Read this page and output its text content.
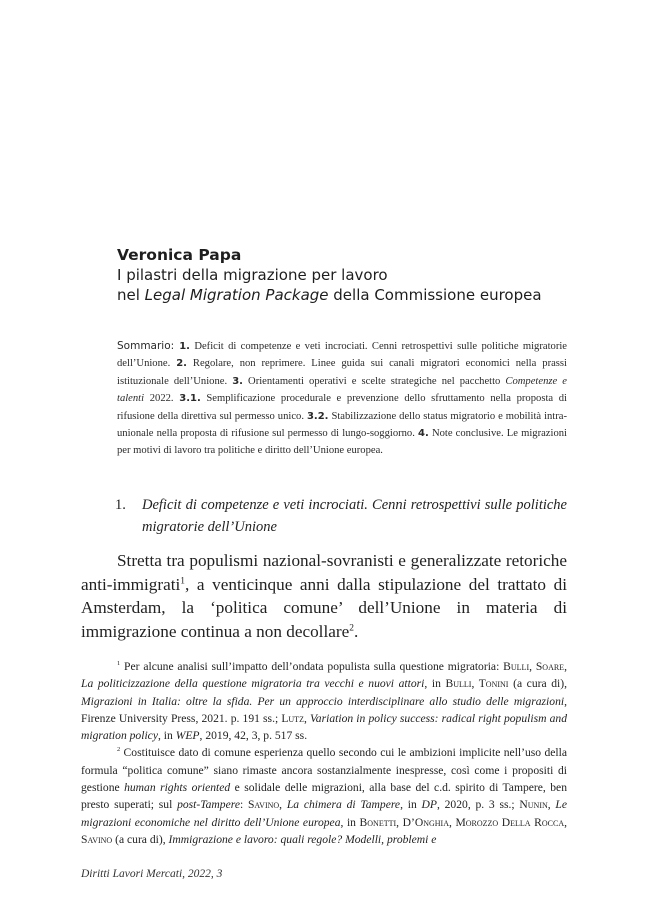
Veronica Papa
I pilastri della migrazione per lavoro
nel Legal Migration Package della Commissione europea
Sommario: 1. Deficit di competenze e veti incrociati. Cenni retrospettivi sulle politiche migratorie dell’Unione. 2. Regolare, non reprimere. Linee guida sui canali migratori economici nella prassi istituzionale dell’Unione. 3. Orientamenti operativi e scelte strategiche nel pacchetto Competenze e talenti 2022. 3.1. Semplificazione procedurale e prevenzione dello sfruttamento nella proposta di rifusione della direttiva sul permesso unico. 3.2. Stabilizzazione dello status migratorio e mobilità intra-unionale nella proposta di rifusione sul permesso di lungo-soggiorno. 4. Note conclusive. Le migrazioni per motivi di lavoro tra politiche e diritto dell’Unione europea.
1. Deficit di competenze e veti incrociati. Cenni retrospettivi sulle politiche migratorie dell’Unione

Stretta tra populismi nazional-sovranisti e generalizzate retoriche anti-immigrati$^1$, a venticinque anni dalla stipulazione del trattato di Amsterdam, la ‘politica comune’ dell’Unione in materia di immigrazione continua a non decollare$^2$.

$^1$ Per alcune analisi sull’impatto dell’ondata populista sulla questione migratoria: Bulli, Soare, La politicizzazione della questione migratoria tra vecchi e nuovi attori, in Bulli, Tonini (a cura di), Migrazioni in Italia: oltre la sfida. Per un approccio interdisciplinare allo studio delle migrazioni, Firenze University Press, 2021. p. 191 ss.; Lutz, Variation in policy success: radical right populism and migration policy, in WEP, 2019, 42, 3, p. 517 ss.

$^2$ Costituisce dato di comune esperienza quello secondo cui le ambizioni implicite nell’uso della formula “politica comune” siano rimaste ancora sostanzialmente inespresse, così come i propositi di gestione human rights oriented e solidale delle migrazioni, alla base del c.d. spirito di Tampere, ben presto superati; sul post-Tampere: Savino, La chimera di Tampere, in DP, 2020, p. 3 ss.; Nunin, Le migrazioni economiche nel diritto dell’Unione europea, in Bonetti, D’Onghia, Morozzo Della Rocca, Savino (a cura di), Immigrazione e lavoro: quali regole? Modelli, problemi e

Diritti Lavori Mercati, 2022, 3
